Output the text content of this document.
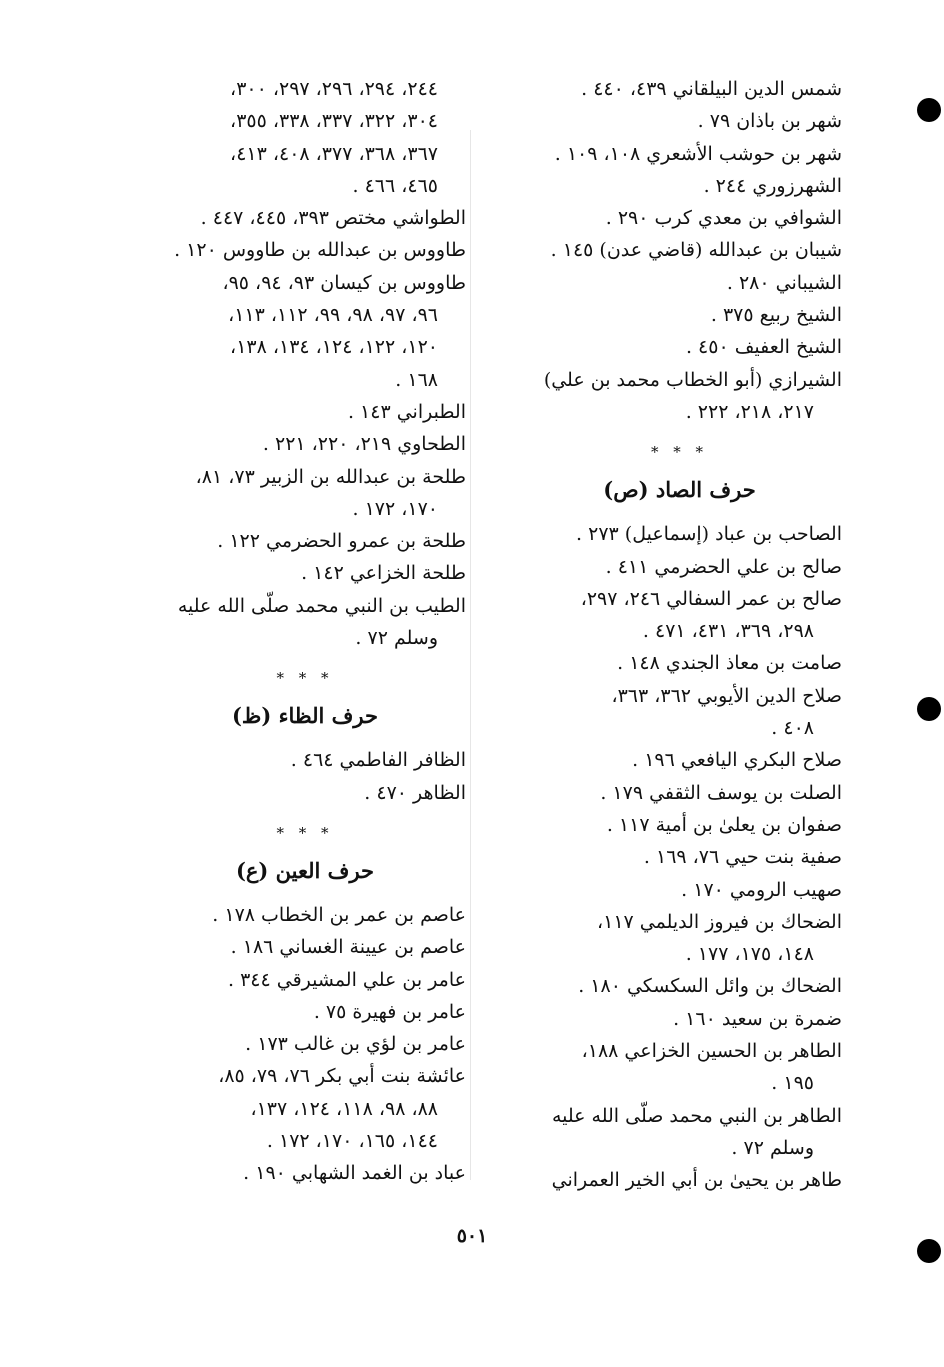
شمس الدين البيلقاني ٤٣٩، ٤٤٠ .
شهر بن باذان ٧٩ .
شهر بن حوشب الأشعري ١٠٨، ١٠٩ .
الشهرزوري ٢٤٤ .
الشوافي بن معدي كرب ٢٩٠ .
شيبان بن عبدالله (قاضي عدن) ١٤٥ .
الشيباني ٢٨٠ .
الشيخ ربيع ٣٧٥ .
الشيخ العفيف ٤٥٠ .
الشيرازي (أبو الخطاب محمد بن علي)
٢١٧، ٢١٨، ٢٢٢ .
* * *
حرف الصاد (ص)
الصاحب بن عباد (إسماعيل) ٢٧٣ .
صالح بن علي الحضرمي ٤١١ .
صالح بن عمر السفالي ٢٤٦، ٢٩٧،
٢٩٨، ٣٦٩، ٤٣١، ٤٧١ .
صامت بن معاذ الجندي ١٤٨ .
صلاح الدين الأيوبي ٣٦٢، ٣٦٣،
٤٠٨ .
صلاح البكري اليافعي ١٩٦ .
الصلت بن يوسف الثقفي ١٧٩ .
صفوان بن يعلىٰ بن أمية ١١٧ .
صفية بنت حيي ٧٦، ١٦٩ .
صهيب الرومي ١٧٠ .
الضحاك بن فيروز الديلمي ١١٧،
١٤٨، ١٧٥، ١٧٧ .
الضحاك بن وائل السكسكي ١٨٠ .
ضمرة بن سعيد ١٦٠ .
الطاهر بن الحسين الخزاعي ١٨٨،
١٩٥ .
الطاهر بن النبي محمد صلّى الله عليه
وسلم ٧٢ .
طاهر بن يحيىٰ بن أبي الخير العمراني
٢٤٤، ٢٩٤، ٢٩٦، ٢٩٧، ٣٠٠،
٣٠٤، ٣٢٢، ٣٣٧، ٣٣٨، ٣٥٥،
٣٦٧، ٣٦٨، ٣٧٧، ٤٠٨، ٤١٣،
٤٦٥، ٤٦٦ .
الطواشي مختص ٣٩٣، ٤٤٥، ٤٤٧ .
طاووس بن عبدالله بن طاووس ١٢٠ .
طاووس بن كيسان ٩٣، ٩٤، ٩٥،
٩٦، ٩٧، ٩٨، ٩٩، ١١٢، ١١٣،
١٢٠، ١٢٢، ١٢٤، ١٣٤، ١٣٨،
١٦٨ .
الطبراني ١٤٣ .
الطحاوي ٢١٩، ٢٢٠، ٢٢١ .
طلحة بن عبدالله بن الزبير ٧٣، ٨١،
١٧٠، ١٧٢ .
طلحة بن عمرو الحضرمي ١٢٢ .
طلحة الخزاعي ١٤٢ .
الطيب بن النبي محمد صلّى الله عليه
وسلم ٧٢ .
* * *
حرف الظاء (ظ)
الظافر الفاطمي ٤٦٤ .
الظاهر ٤٧٠ .
* * *
حرف العين (ع)
عاصم بن عمر بن الخطاب ١٧٨ .
عاصم بن عيينة الغساني ١٨٦ .
عامر بن علي المشيرقي ٣٤٤ .
عامر بن فهيرة ٧٥ .
عامر بن لؤي بن غالب ١٧٣ .
عائشة بنت أبي بكر ٧٦، ٧٩، ٨٥،
٨٨، ٩٨، ١١٨، ١٢٤، ١٣٧،
١٤٤، ١٦٥، ١٧٠، ١٧٢ .
عباد بن الغمد الشهابي ١٩٠ .
٥٠١
